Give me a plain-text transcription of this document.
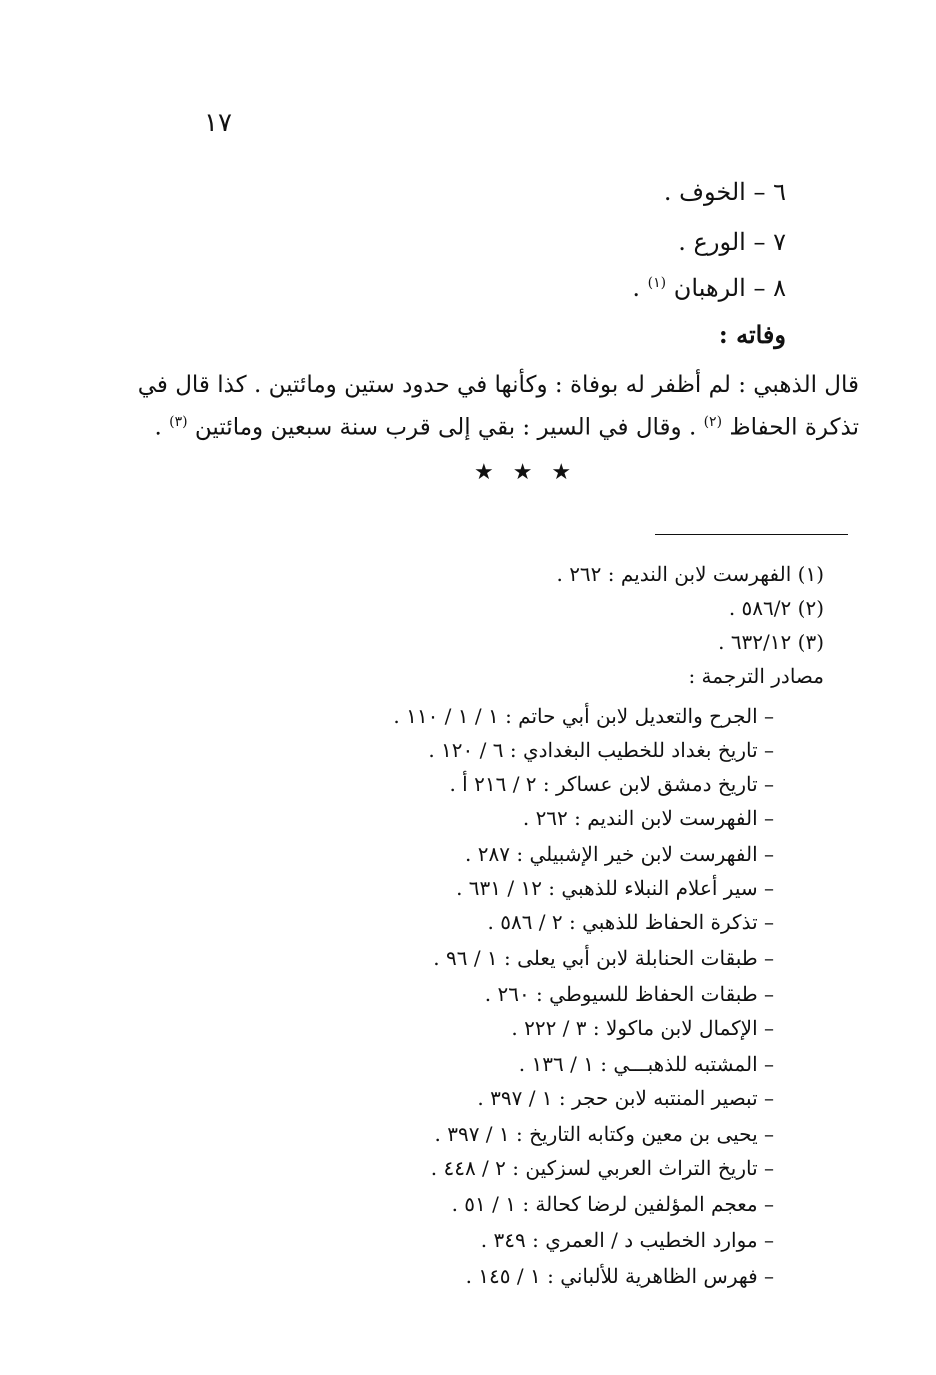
١٧
٦ – الخوف .
٧ – الورع .
٨ – الرهبان $^{(١)}$ .
وفاته :
قال الذهبي : لم أظفر له بوفاة : وكأنها في حدود ستين ومائتين . كذا قال في
تذكرة الحفاظ $^{(٢)}$ . وقال في السير : بقي إلى قرب سنة سبعين ومائتين $^{(٣)}$ .
★ ★ ★
(١) الفهرست لابن النديم : ٢٦٢ .
(٢) ٥٨٦/٢ .
(٣) ٦٣٢/١٢ .
مصادر الترجمة :
– الجرح والتعديل لابن أبي حاتم : ١ / ١ / ١١٠ .
– تاريخ بغداد للخطيب البغدادي : ٦ / ١٢٠ .
– تاريخ دمشق لابن عساكر : ٢ / ٢١٦ أ .
– الفهرست لابن النديم : ٢٦٢ .
– الفهرست لابن خير الإشبيلي : ٢٨٧ .
– سير أعلام النبلاء للذهبي : ١٢ / ٦٣١ .
– تذكرة الحفاظ للذهبي : ٢ / ٥٨٦ .
– طبقات الحنابلة لابن أبي يعلى : ١ / ٩٦ .
– طبقات الحفاظ للسيوطي : ٢٦٠ .
– الإكمال لابن ماكولا : ٣ / ٢٢٢ .
– المشتبه للذهبـــي : ١ / ١٣٦ .
– تبصير المنتبه لابن حجر : ١ / ٣٩٧ .
– يحيى بن معين وكتابه التاريخ : ١ / ٣٩٧ .
– تاريخ التراث العربي لسزكين : ٢ / ٤٤٨ .
– معجم المؤلفين لرضا كحالة : ١ / ٥١ .
– موارد الخطيب د / العمري : ٣٤٩ .
– فهرس الظاهرية للألباني : ١ / ١٤٥ .
